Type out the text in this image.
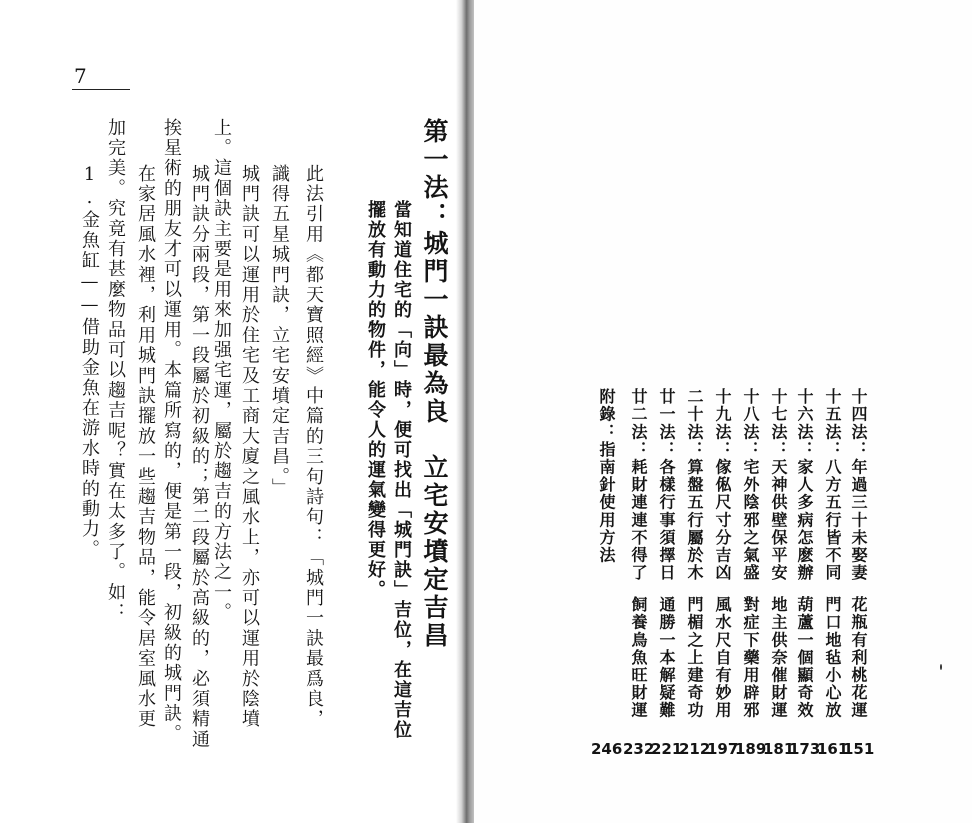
7
此法引用《都天寶照經》中篇的三句詩句：「城門一訣最爲良，
識得五星城門訣，立宅安墳定吉昌。」
城門訣可以運用於住宅及工商大廈之風水上，亦可以運用於陰墳
上。這個訣主要是用來加强宅運，屬於趨吉的方法之一。
城門訣分兩段，第一段屬於初級的；第二段屬於高級的，必須精通
挨星術的朋友才可以運用。本篇所寫的，便是第一段，初級的城門訣。
在家居風水裡，利用城門訣擺放一些趨吉物品，能令居室風水更
加完美。究竟有甚麼物品可以趨吉呢？實在太多了。如：
1.金魚缸——借助金魚在游水時的動力。	十四法：年過三十未娶妻
花瓶有利桃花運
151
十五法：八方五行皆不同
門口地毡小心放
161
十六法：家人多病怎麽辦
葫蘆一個顯奇效
173
十七法：天神供壁保平安
地主供奈催財運
181
十八法：宅外陰邪之氣盛
對症下藥用辟邪
189
十九法：傢俬尺寸分吉凶
風水尺自有妙用
197
二十法：算盤五行屬於木
門楣之上建奇功
212
廿一法：各樣行事須擇日
通勝一本解疑難
221
廿二法：耗財連連不得了
飼養鳥魚旺財運
232
附錄：指南針使用方法
246
第一法：城門一訣最為良　立宅安墳定吉昌
當知道住宅的「向」時，便可找出「城門訣」吉位，在這吉位
擺放有動力的物件，能令人的運氣變得更好。
